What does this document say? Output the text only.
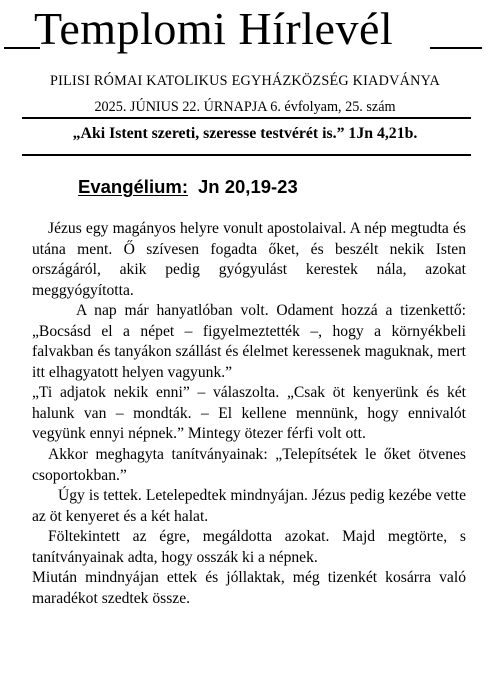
Templomi Hírlevél
PILISI RÓMAI KATOLIKUS EGYHÁZKÖZSÉG KIADVÁNYA
2025. JÚNIUS 22. ÚRNAPJA 6. évfolyam, 25. szám
„Aki Istent szereti, szeresse testvérét is.” 1Jn 4,21b.
Evangélium: Jn 20,19-23

Jézus egy magányos helyre vonult apostolaival. A nép megtudta és utána ment. Ő szívesen fogadta őket, és beszélt nekik Isten országáról, akik pedig gyógyulást kerestek nála, azokat meggyógyította.

A nap már hanyatlóban volt. Odament hozzá a tizenkettő: „Bocsásd el a népet – figyelmeztették –, hogy a környékbeli falvakban és tanyákon szállást és élelmet keressenek maguknak, mert itt elhagyatott helyen vagyunk.”

„Ti adjatok nekik enni” – válaszolta. „Csak öt kenyerünk és két halunk van – mondták. – El kellene mennünk, hogy ennivalót vegyünk ennyi népnek.” Mintegy ötezer férfi volt ott.

Akkor meghagyta tanítványainak: „Telepítsétek le őket ötvenes csoportokban.”

Úgy is tettek. Letelepedtek mindnyájan. Jézus pedig kezébe vette az öt kenyeret és a két halat.

Föltekintett az égre, megáldotta azokat. Majd megtörte, s tanítványainak adta, hogy osszák ki a népnek.

Miután mindnyájan ettek és jóllaktak, még tizenkét kosárra való maradékot szedtek össze.
